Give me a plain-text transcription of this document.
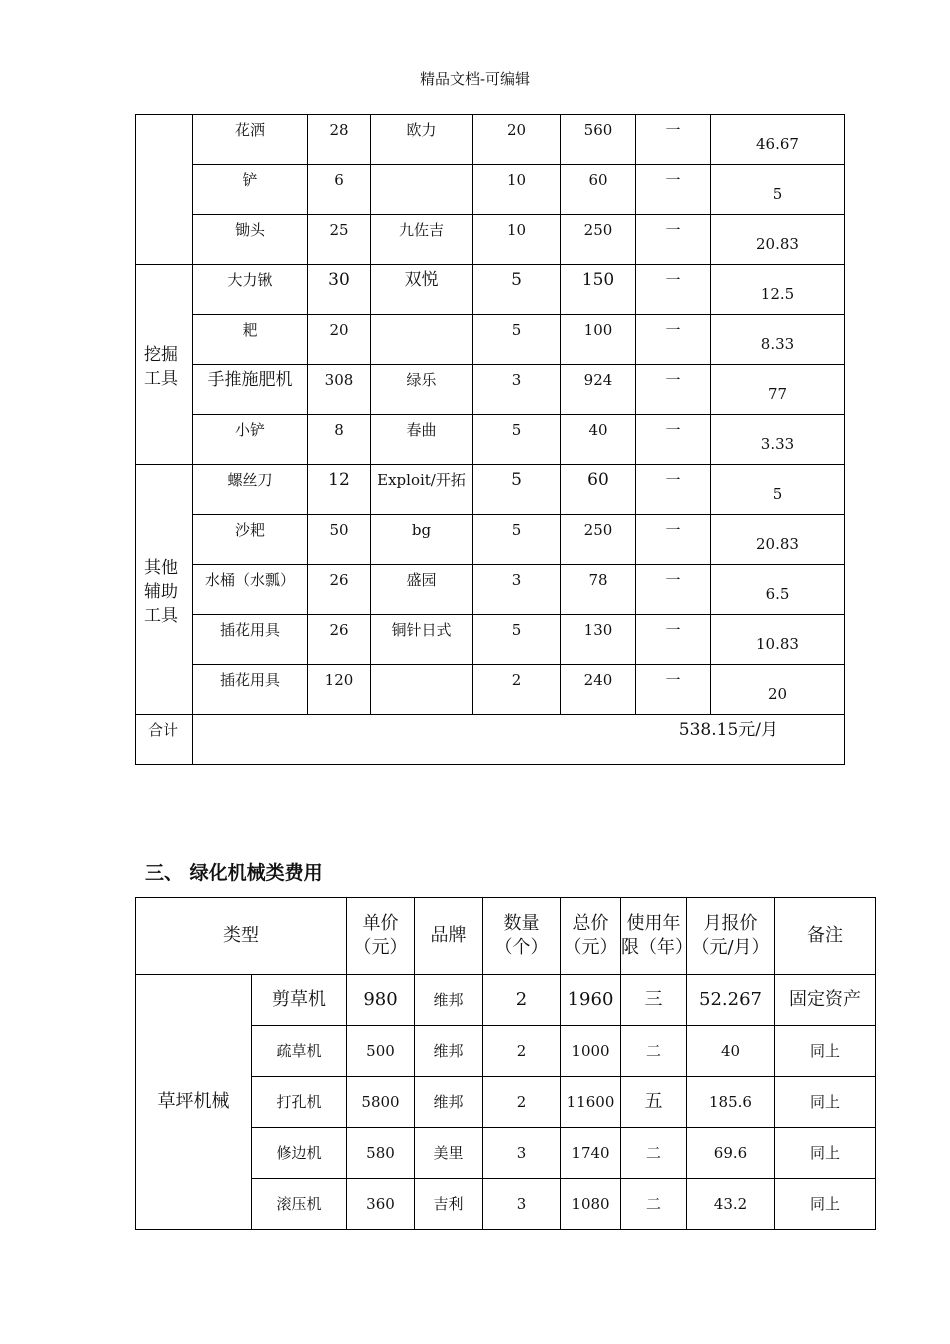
精品文档-可编辑
	花洒	28	欧力	20	560	一	46.67
	铲	6		10	60	一	5
	锄头	25	九佐吉	10	250	一	20.83
挖掘工具	大力锹	30	双悦	5	150	一	12.5
	耙	20		5	100	一	8.33
	手推施肥机	308	绿乐	3	924	一	77
	小铲	8	春曲	5	40	一	3.33
其他辅助工具	螺丝刀	12	Exploit/开拓	5	60	一	5
	沙耙	50	bg	5	250	一	20.83
	水桶（水瓢）	26	盛园	3	78	一	6.5
	插花用具	26	铜针日式	5	130	一	10.83
	插花用具	120		2	240	一	20
合计	538.15元/月						
三、 绿化机械类费用
类型		单价（元）	品牌	数量（个）	总价（元）	使用年限（年）	月报价（元/月）	备注
草坪机械	剪草机	980	维邦	2	1960	三	52.267	固定资产
	疏草机	500	维邦	2	1000	二	40	同上
	打孔机	5800	维邦	2	11600	五	185.6	同上
	修边机	580	美里	3	1740	二	69.6	同上
	滚压机	360	吉利	3	1080	二	43.2	同上
